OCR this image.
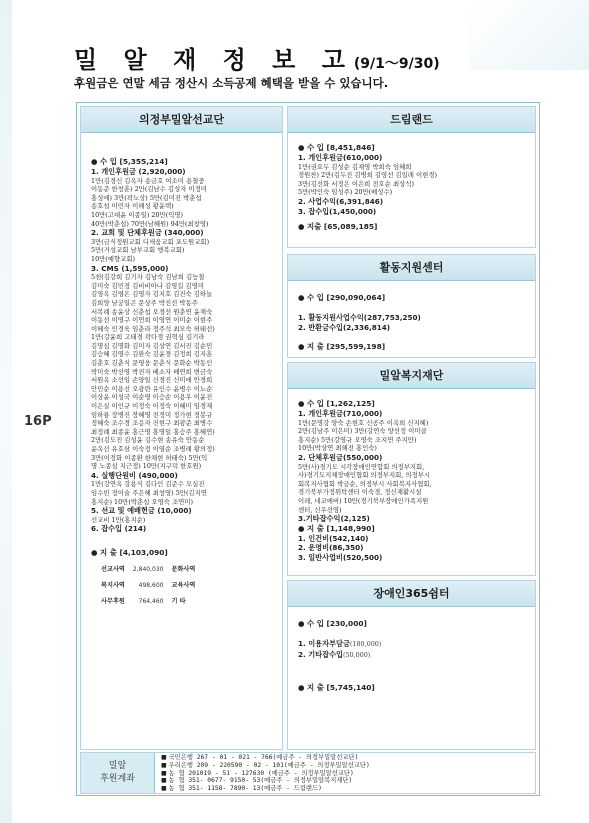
16P
밀 알 재 정 보 고(9/1～9/30)
후원금은 연말 세금 정산시 소득공제 혜택을 받을 수 있습니다.
의정부밀알선교단
● 수 입 [5,355,214]
1. 개인후원금 (2,920,000)
1만(김경신 김옥자 송금호 여소미 용철중
이동준 한창훈) 2만(김남수 김성자 이정미
홍성애) 3만(곽노상) 5만(김미진 박춘섭
송호섭 이민자 이해성 황윤택)
10만(고대윤 이종일) 20만(익명)
40만(박춘섭) 70만(남혜원) 94만(최창영)
2. 교회 및 단체후원금 (340,000)
3만(금식정원교회 디세움교회 포도원교회)
5만(거성교회 남부교회 행복교회)
10만(예향교회)
3. CMS (1,595,000)
5천(김강희 김기자 김남숙 김남희 김능철
김미숙 김민정 김비비아나 김영길 김영미
김영옥 김영은 김영자 김지호 김진숙 김하늘
김희양 남궁일곤 문상주 박진선 박동주
서복례 송윤상 신춘섭 오경선 원춘연 윤재숙
이동선 이명구 이연희 이영연 이미순 이현주
이혜숙 인경욱 임춘라 정주석 최모숙 허태선)
1만(강윤희 고태경 곽다경 권혁심 김기라
김명심 김명화 김미자 김상연 김서진 김순민
김승혜 김영수 김완숙 김윤경 김정희 김지훈
김춘호 김춘식 문영웅 문춘식 문화순 박동인
박미숙 박선영 박진자 배소자 배연희 변금숙
서원옥 소선임 손양일 신경진 신미애 안경희
안민순 이용선 오광란 유인수 윤병수 이노순
이상윤 이성국 이순영 이승순 이용우 이윤진
이은실 이인규 이정숙 이정숙 이혜미 임경재
임하룡 장병진 장혜영 전정미 정가현 정봉규
정혜숙 조수경 조응자 진현구 최광준 최병수
최정례 최종윤 홍근명 홍명일 홍승주 홍혜연)
2만(김도진 김성윤 김수현 송유숙 안동순
윤옥선 유호삼 이숙정 이영순 조병래 황의정)
3만(이정화 이종환 한채현 허태숙) 5만(익
명 노종심 지근정) 10만(지구덕 한호원)
4. 실행단원비 (490,000)
1만(강연옥 강용식 김다인 김준수 모실진
임수빈 정이술 주은혜 최창영) 5만(김지연
홍지순) 10만(박춘섭 오영숙 조연미)
5. 선교 및 예배헌금 (10,000)
선교비 1만(홍지순)
6. 잡수입 (214)
● 지 출 [4,103,090]
선교사역	2,840,030	문화사역	
복지사역	498,600	교육사역	
사무후원	764,460	기 타	
드림랜드
● 수 입 [8,451,846]
1. 개인후원금(610,000)
1만(권오두 김성순 김재영 박희숙 임혜희
정원찬) 2만(김두진 김병희 김영선 김일래 이현경)
3만(김선화 서정은 이은희 전호순 최상석)
5만(박인숙 임성주) 20만(배성수)
2. 사업수익(6,391,846)
3. 잡수입(1,450,000)
● 지출 [65,089,185]
활동지원센터
● 수 입 [290,090,064]
1. 활동지원사업수익(287,753,250)
2. 반환금수입(2,336,814)
● 지 출 [295,599,198]
밀알복지재단
● 수 입 [1,262,125]
1. 개인후원금(710,000)
1만(문명강 양숙 손현호 신공주 이옥희 신지혜)
2만(김남주 이은미) 3만(강연숙 양선정 이미클
홍지순) 5만(강영규 오영숙 조지연 주지만)
10만(박상연 최해전 홍인숙)
2. 단체후원금(550,000)
5만(사)경기도 시각장애인연합회 의정부지회,
사)경기도지체장애인협회 의정부지회, 의정부시
회복지사협회 박금순, 의정부시 사회복지사협회,
경기북부가정위탁센터 이숙경, 정신재활시설
이레, 네코에버) 10만(경기북부장애인가족지원
센터, 신우선영)
3.기타잡수익(2,125)
● 지 출 [1,148,990]
1. 인건비(542,140)
2. 운영비(86,350)
3. 일반사업비(520,500)
장애인365쉼터
● 수 입 [230,000]
1. 이용자부담금(180,000)
2. 기타잡수입(50,000)
● 지 출 [5,745,140]
밀알
후원계좌
■ 국민은행 267 - 01 - 021 - 766(예금주 - 의정부밀알선교단)
■ 우리은행 209 - 220590 - 02 - 101(예금주 - 의정부밀알선교단)
■ 농 협 201019 - 51 - 127630 (예금주 - 의정부밀알선교단)
■ 농 협 351- 0677- 9150- 53(예금주 - 의정부밀알복지재단)
■ 농 협 351- 1158- 7890- 13(예금주 - 드림랜드)
